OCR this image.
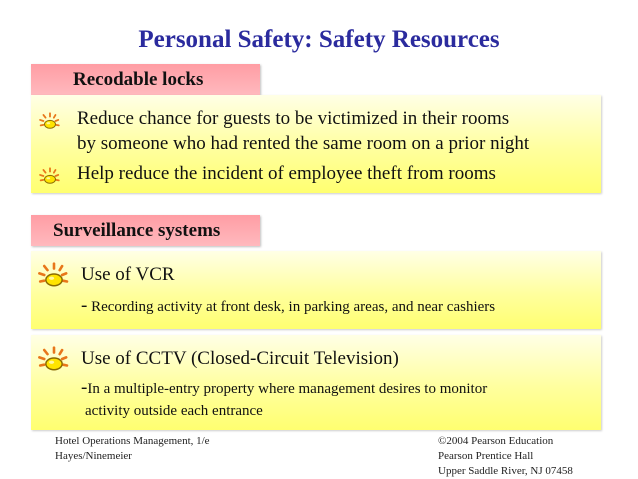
Personal Safety: Safety Resources
Recodable locks
Reduce chance for guests to be victimized in their rooms
by someone who had rented the same room on a prior night
Help reduce the incident of employee theft from rooms
Surveillance systems
Use of VCR
- Recording activity at front desk, in parking areas, and near cashiers
Use of CCTV (Closed-Circuit Television)
-In a multiple-entry property where management desires to monitor
activity outside each entrance
Hotel Operations Management, 1/e
Hayes/Ninemeier
©2004 Pearson Education
Pearson Prentice Hall
Upper Saddle River, NJ 07458
